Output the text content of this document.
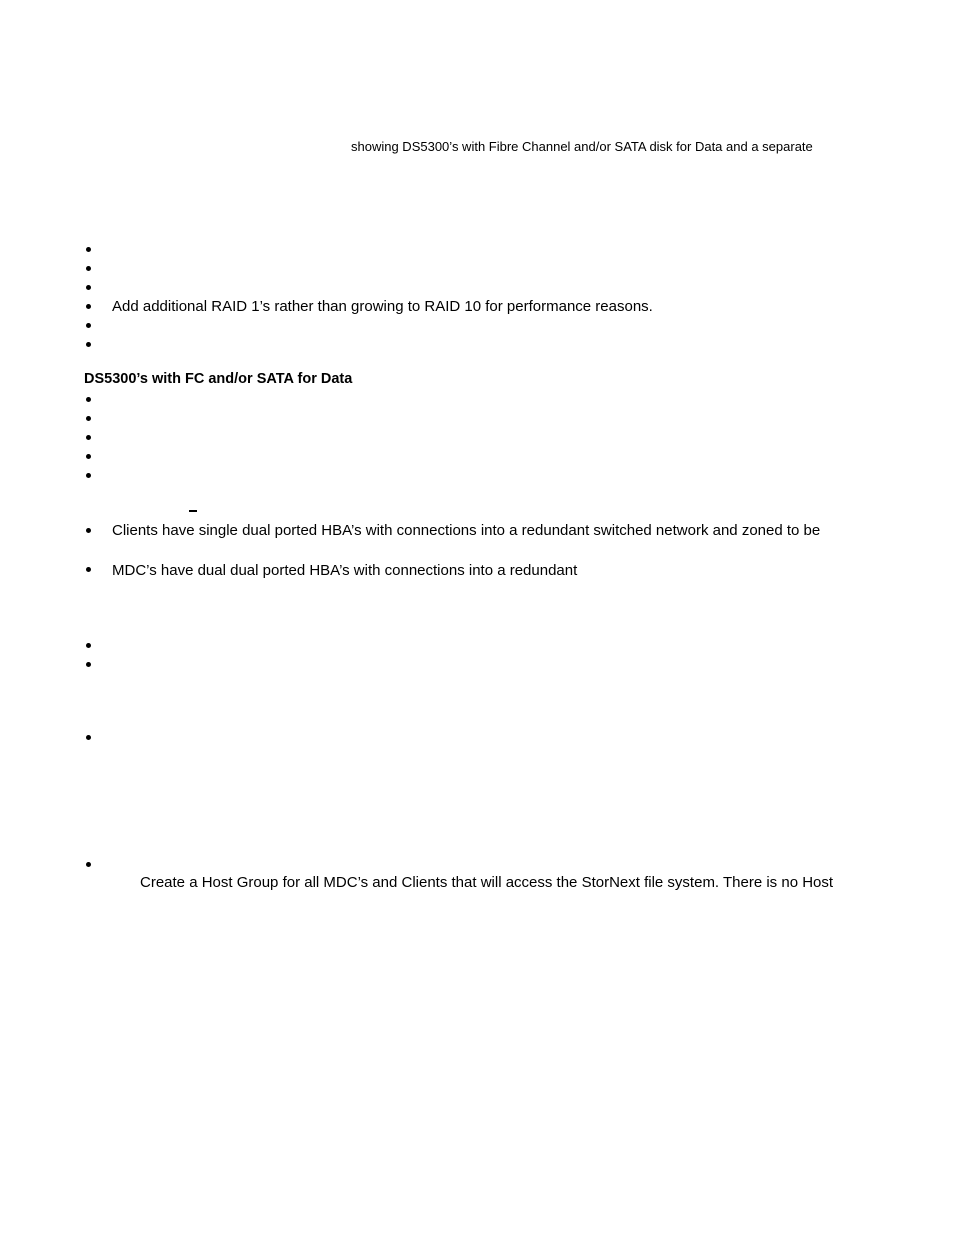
showing DS5300’s with Fibre Channel and/or SATA disk for Data and a separate
Add additional RAID 1’s rather than growing to RAID 10 for performance reasons.
DS5300’s with FC and/or SATA for Data
Clients have single dual ported HBA’s with connections into a redundant switched network and zoned to be
MDC’s have dual dual ported HBA’s with connections into a redundant
Create a Host Group for all MDC’s and Clients that will access the StorNext file system. There is no Host
